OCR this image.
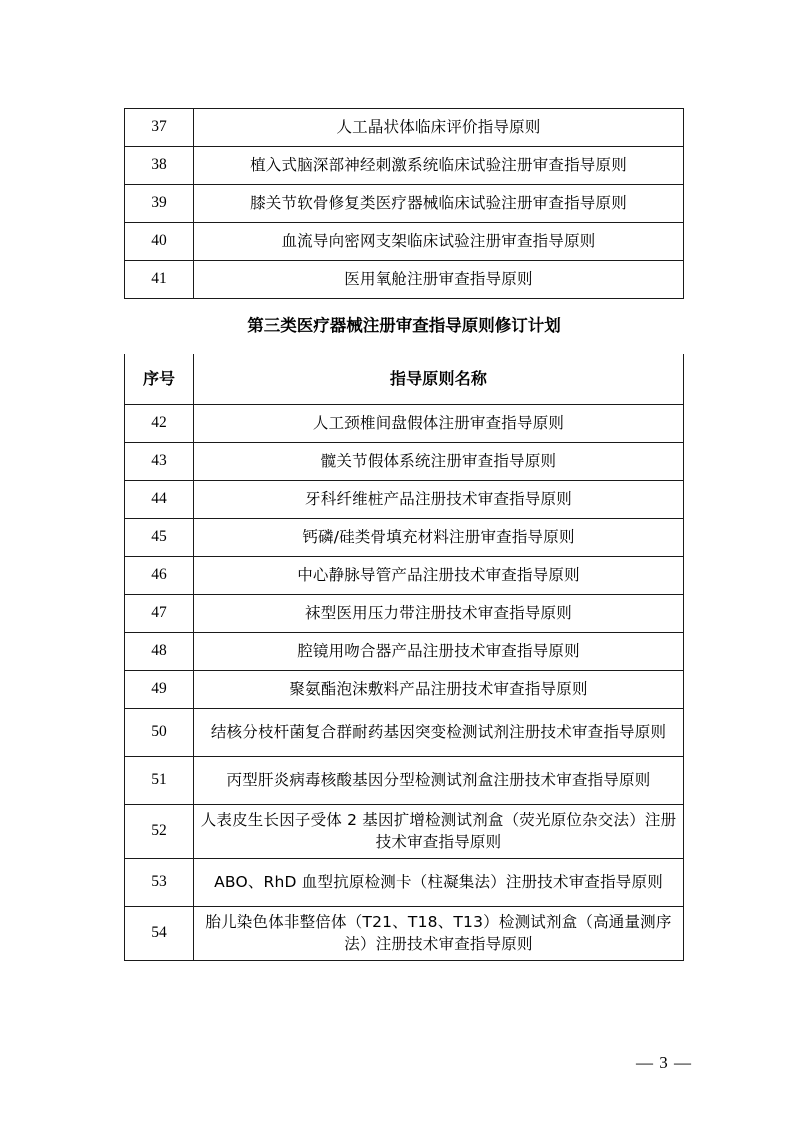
37	人工晶状体临床评价指导原则
38	植入式脑深部神经刺激系统临床试验注册审查指导原则
39	膝关节软骨修复类医疗器械临床试验注册审查指导原则
40	血流导向密网支架临床试验注册审查指导原则
41	医用氧舱注册审查指导原则
第三类医疗器械注册审查指导原则修订计划	
序号	指导原则名称
42	人工颈椎间盘假体注册审查指导原则
43	髋关节假体系统注册审查指导原则
44	牙科纤维桩产品注册技术审查指导原则
45	钙磷/硅类骨填充材料注册审查指导原则
46	中心静脉导管产品注册技术审查指导原则
47	袜型医用压力带注册技术审查指导原则
48	腔镜用吻合器产品注册技术审查指导原则
49	聚氨酯泡沫敷料产品注册技术审查指导原则
50	结核分枝杆菌复合群耐药基因突变检测试剂注册技术审查指导原则
51	丙型肝炎病毒核酸基因分型检测试剂盒注册技术审查指导原则
52	人表皮生长因子受体 2 基因扩增检测试剂盒（荧光原位杂交法）注册技术审查指导原则
53	ABO、RhD 血型抗原检测卡（柱凝集法）注册技术审查指导原则
54	胎儿染色体非整倍体（T21、T18、T13）检测试剂盒（高通量测序法）注册技术审查指导原则
— 3 —
